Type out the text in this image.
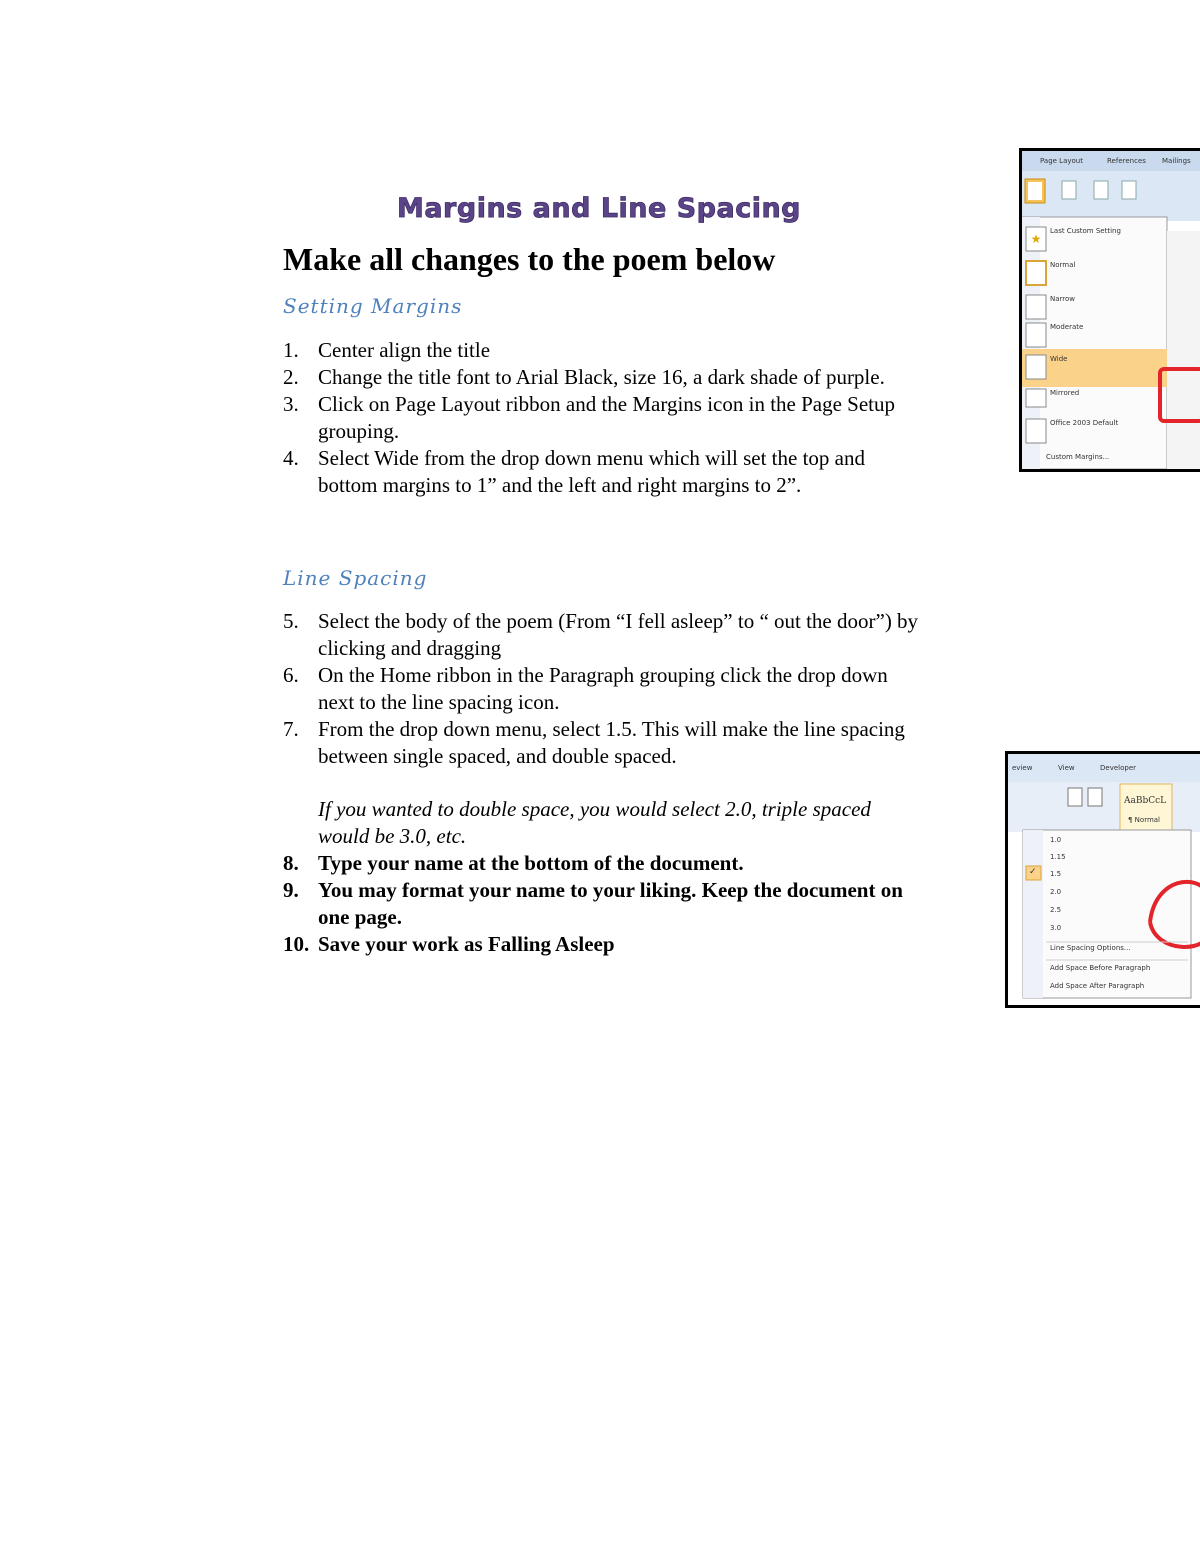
Margins and Line Spacing
Make all changes to the poem below
Setting Margins
1. Center align the title
2. Change the title font to Arial Black, size 16, a dark shade of purple.
3. Click on Page Layout ribbon and the Margins icon in the Page Setup grouping.
4. Select Wide from the drop down menu which will set the top and bottom margins to 1” and the left and right margins to 2”.
Line Spacing
5. Select the body of the poem (From “I fell asleep” to “ out the door”) by clicking and dragging
6. On the Home ribbon in the Paragraph grouping click the drop down next to the line spacing icon.
7. From the drop down menu, select 1.5. This will make the line spacing between single spaced, and double spaced.
If you wanted to double space, you would select 2.0, triple spaced would be 3.0, etc.
8. Type your name at the bottom of the document.
9. You may format your name to your liking. Keep the document on one page.
10. Save your work as Falling Asleep
★
Page Layout	References Mailings
Last Custom Setting
Normal
Narrow
Moderate
Wide
Mirrored
Office 2003 Default
Custom Margins...
eview	View	Developer
AaBbCcL
¶ Normal
✓
1.0
1.15
1.5
2.0
2.5
3.0
Line Spacing Options...
Add Space Before Paragraph
Add Space After Paragraph
